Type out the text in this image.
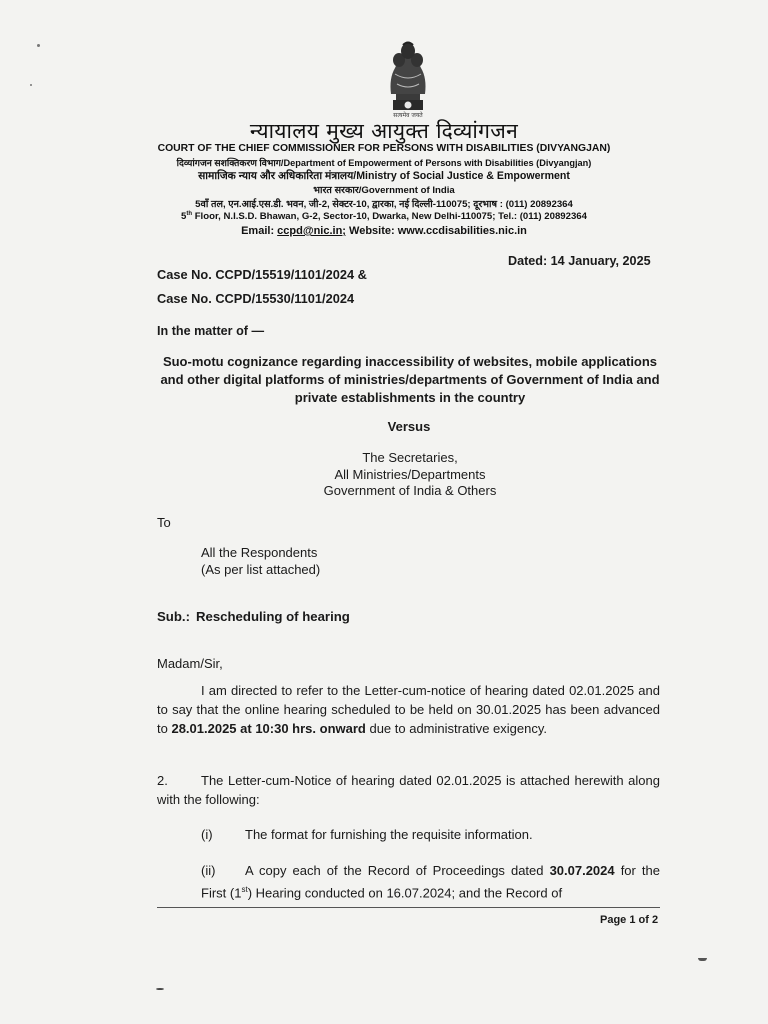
सत्यमेव जयते
न्यायालय मुख्य आयुक्त दिव्यांगजन
COURT OF THE CHIEF COMMISSIONER FOR PERSONS WITH DISABILITIES (DIVYANGJAN)
दिव्यांगजन सशक्तिकरण विभाग/Department of Empowerment of Persons with Disabilities (Divyangjan)
सामाजिक न्याय और अधिकारिता मंत्रालय/Ministry of Social Justice & Empowerment
भारत सरकार/Government of India
5वाँ तल, एन.आई.एस.डी. भवन, जी-2, सेक्टर-10, द्वारका, नई दिल्ली-110075; दूरभाष : (011) 20892364
5th Floor, N.I.S.D. Bhawan, G-2, Sector-10, Dwarka, New Delhi-110075; Tel.: (011) 20892364
Email: ccpd@nic.in; Website: www.ccdisabilities.nic.in
Dated: 14 January, 2025
Case No. CCPD/15519/1101/2024 &
Case No. CCPD/15530/1101/2024
In the matter of —
Suo-motu cognizance regarding inaccessibility of websites, mobile applications and other digital platforms of ministries/departments of Government of India and private establishments in the country
Versus
The Secretaries,
All Ministries/Departments
Government of India & Others
To
All the Respondents
(As per list attached)
Sub.: Rescheduling of hearing
Madam/Sir,
I am directed to refer to the Letter-cum-notice of hearing dated 02.01.2025 and to say that the online hearing scheduled to be held on 30.01.2025 has been advanced to 28.01.2025 at 10:30 hrs. onward due to administrative exigency.
2.	The Letter-cum-Notice of hearing dated 02.01.2025 is attached herewith along with the following:
(i) The format for furnishing the requisite information.
(ii) A copy each of the Record of Proceedings dated 30.07.2024 for the First (1st) Hearing conducted on 16.07.2024; and the Record of
Page 1 of 2
